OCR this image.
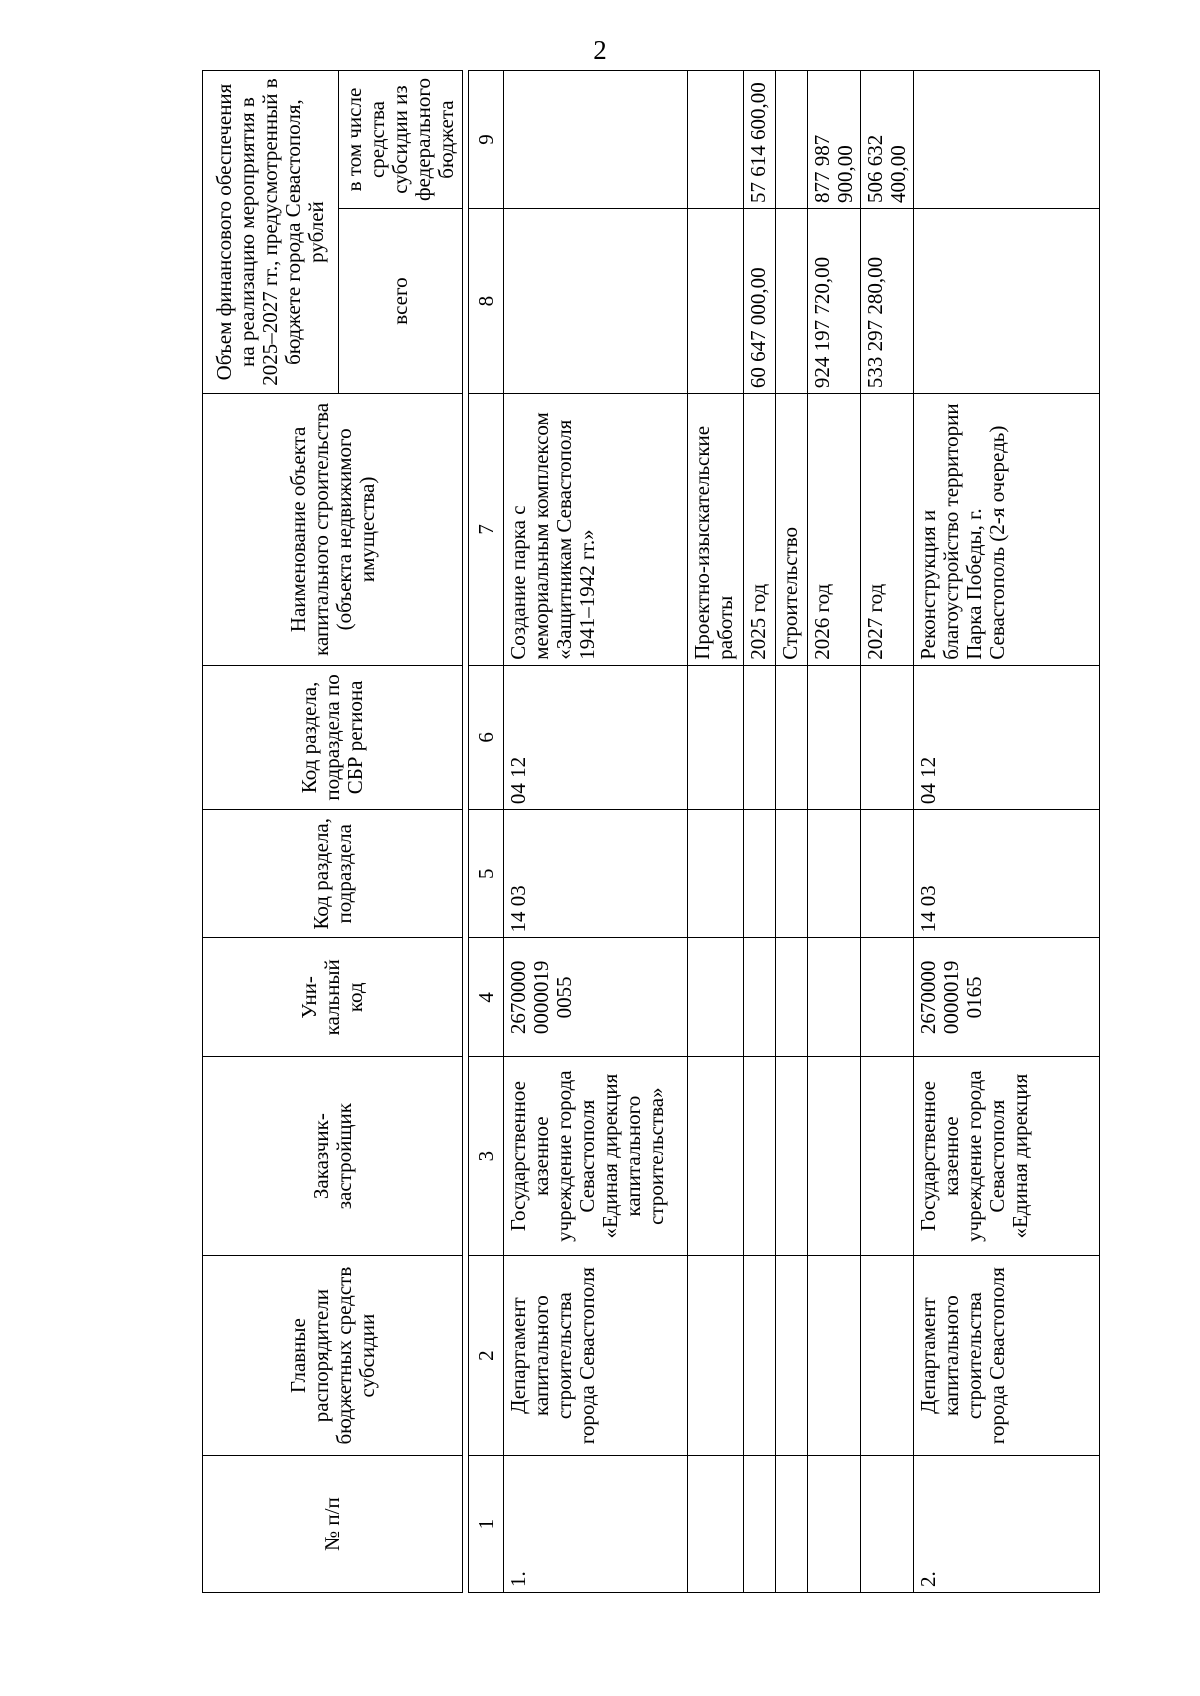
2
№ п/п	Главные распорядители бюджетных средств субсидии	Заказчик-застройщик	Уни-кальный код	Код раздела, подраздела	Код раздела, подраздела по СБР региона	Наименование объекта капитального строительства (объекта недвижимого имущества)	Объем финансового обеспечения на реализацию мероприятия в 2025–2027 гг., предусмотренный в бюджете города Севастополя, рублей	
							всего	в том числе средства субсидии из федерального бюджета

1	2	3	4	5	6	7	8	9
1.	Департамент капитального строительства города Севастополя	Государственное казенное учреждение города Севастополя «Единая дирекция капитального строительства»	2670000 0000019 0055	14 03	04 12	Создание парка с мемориальным комплексом «Защитникам Севастополя 1941–1942 гг.»		
						Проектно-изыскательские работы		
						2025 год	60 647 000,00	57 614 600,00
						Строительство		
						2026 год	924 197 720,00	877 987 900,00
						2027 год	533 297 280,00	506 632 400,00
2.	Департамент капитального строительства города Севастополя	Государственное казенное учреждение города Севастополя «Единая дирекция	2670000 0000019 0165	14 03	04 12	Реконструкция и благоустройство территории Парка Победы, г. Севастополь (2-я очередь)		
